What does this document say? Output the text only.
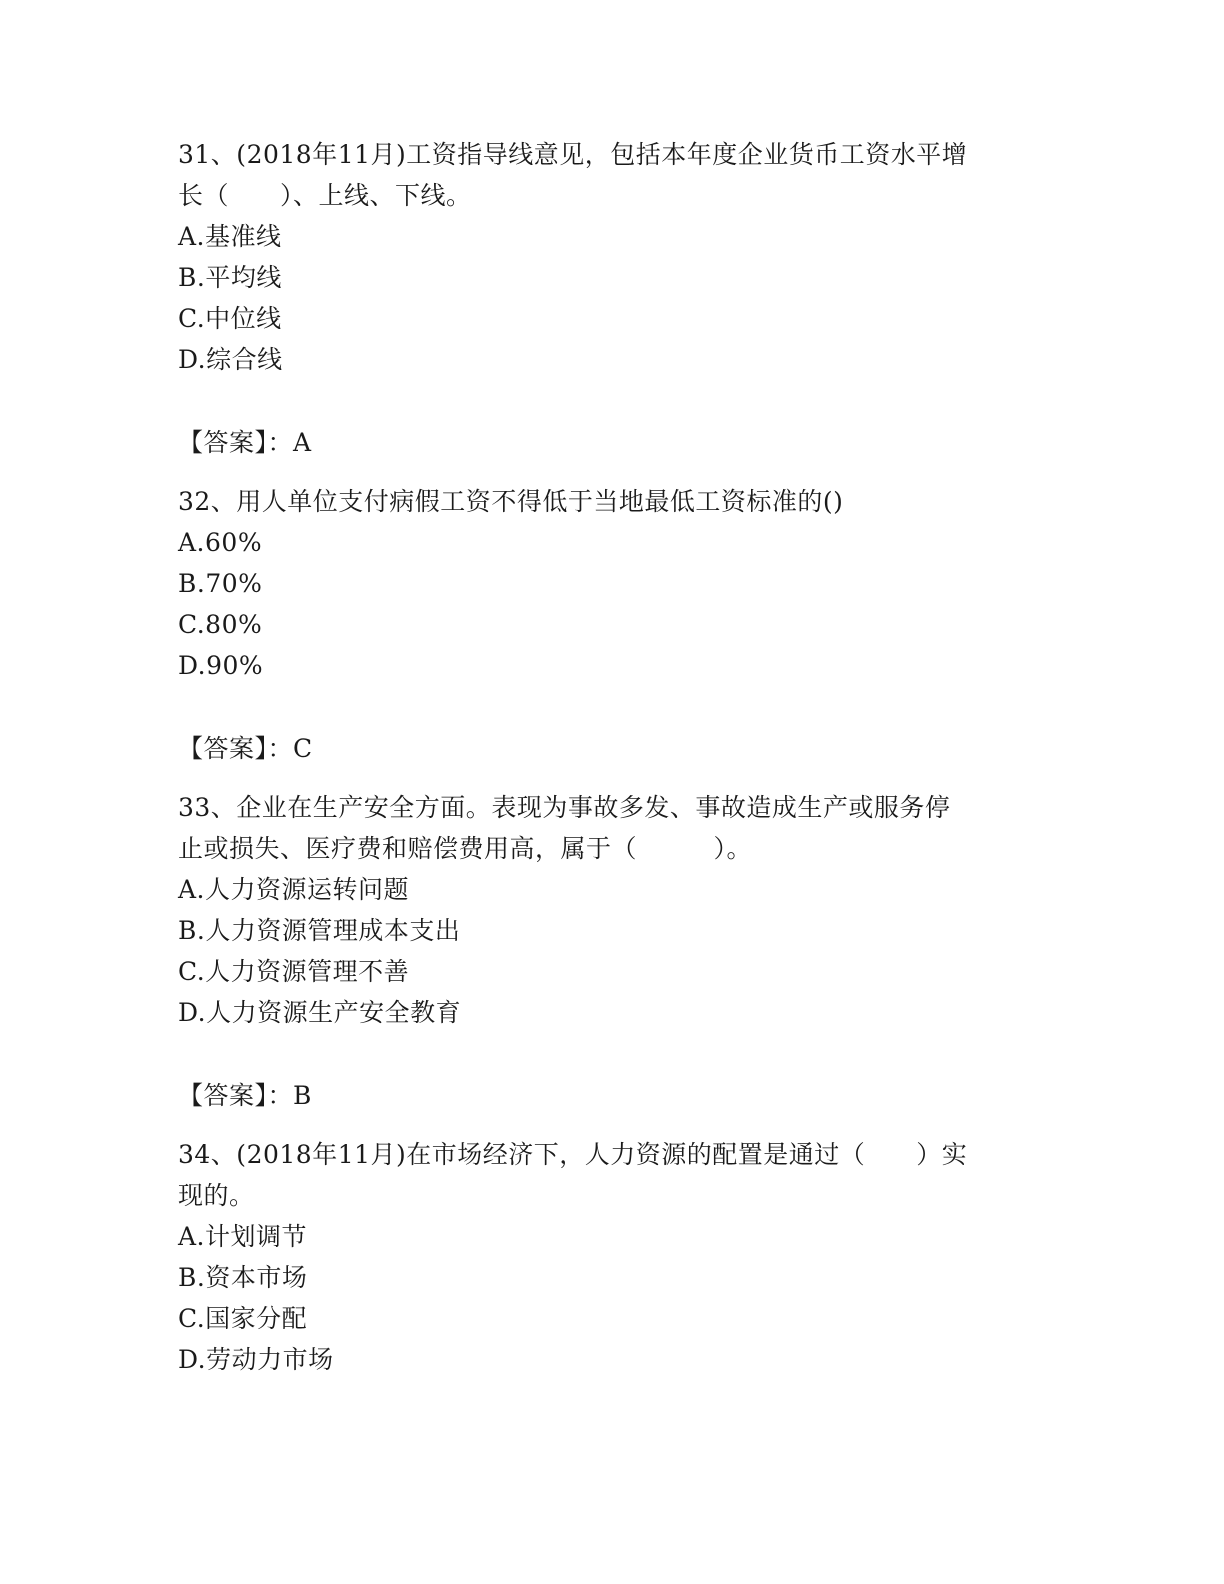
31、(2018年11月)工资指导线意见，包括本年度企业货币工资水平增
长（　　）、上线、下线。
A.基准线
B.平均线
C.中位线
D.综合线
【答案】：A
32、用人单位支付病假工资不得低于当地最低工资标准的()
A.60%
B.70%
C.80%
D.90%
【答案】：C
33、企业在生产安全方面。表现为事故多发、事故造成生产或服务停
止或损失、医疗费和赔偿费用高，属于（　　　）。
A.人力资源运转问题
B.人力资源管理成本支出
C.人力资源管理不善
D.人力资源生产安全教育
【答案】：B
34、(2018年11月)在市场经济下，人力资源的配置是通过（　　）实
现的。
A.计划调节
B.资本市场
C.国家分配
D.劳动力市场
